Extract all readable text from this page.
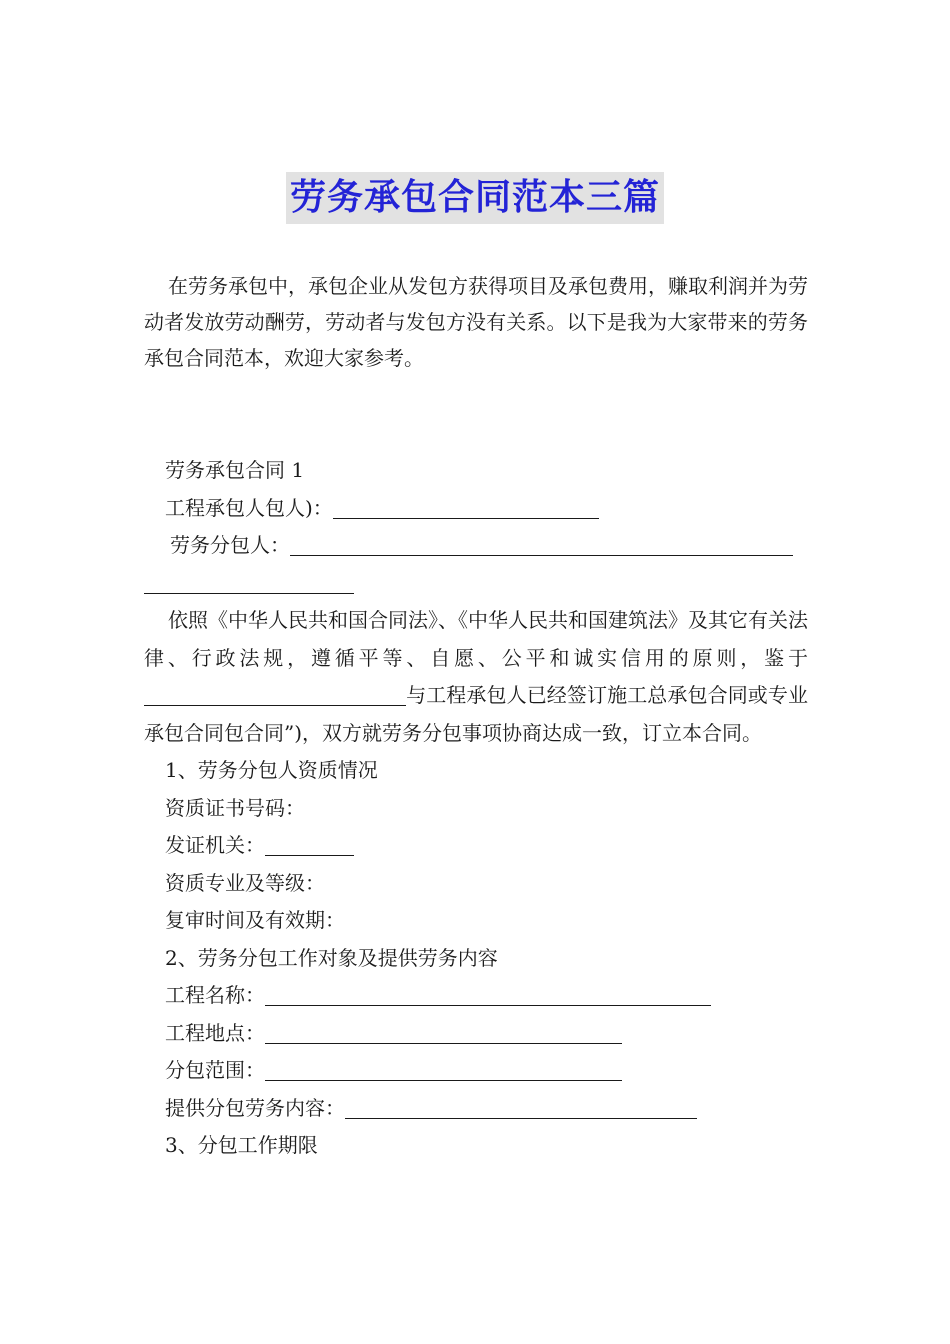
劳务承包合同范本三篇

在劳务承包中，承包企业从发包方获得项目及承包费用，赚取利润并为劳动者发放劳动酬劳，劳动者与发包方没有关系。以下是我为大家带来的劳务承包合同范本，欢迎大家参考。

劳务承包合同 1
工程承包人包人)：
劳务分包人：

依照《中华人民共和国合同法》、《中华人民共和国建筑法》及其它有关法律、行政法规，遵循平等、自愿、公平和诚实信用的原则，鉴于与工程承包人已经签订施工总承包合同或专业承包合同包合同”)，双方就劳务分包事项协商达成一致，订立本合同。

1、劳务分包人资质情况
资质证书号码：
发证机关：
资质专业及等级：
复审时间及有效期：
2、劳务分包工作对象及提供劳务内容
工程名称：
工程地点：
分包范围：
提供分包劳务内容：
3、分包工作期限
